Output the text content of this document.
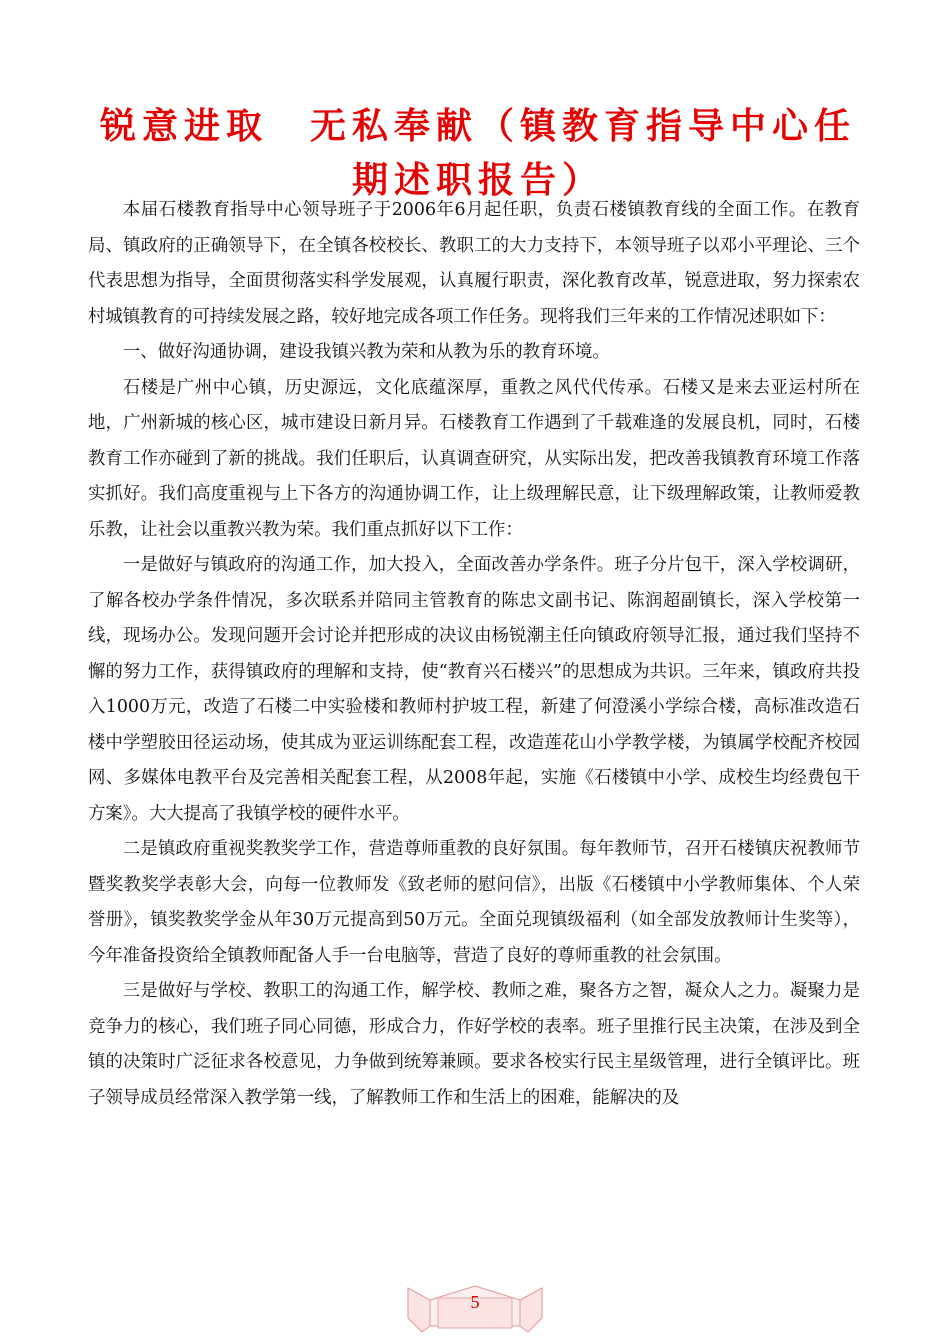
锐意进取　无私奉献（镇教育指导中心任期述职报告）

本届石楼教育指导中心领导班子于2006年6月起任职，负责石楼镇教育线的全面工作。在教育局、镇政府的正确领导下，在全镇各校校长、教职工的大力支持下，本领导班子以邓小平理论、三个代表思想为指导，全面贯彻落实科学发展观，认真履行职责，深化教育改革，锐意进取，努力探索农村城镇教育的可持续发展之路，较好地完成各项工作任务。现将我们三年来的工作情况述职如下：

一、做好沟通协调，建设我镇兴教为荣和从教为乐的教育环境。

石楼是广州中心镇，历史源远，文化底蕴深厚，重教之风代代传承。石楼又是来去亚运村所在地，广州新城的核心区，城市建设日新月异。石楼教育工作遇到了千载难逢的发展良机，同时，石楼教育工作亦碰到了新的挑战。我们任职后，认真调查研究，从实际出发，把改善我镇教育环境工作落实抓好。我们高度重视与上下各方的沟通协调工作，让上级理解民意，让下级理解政策，让教师爱教乐教，让社会以重教兴教为荣。我们重点抓好以下工作：

一是做好与镇政府的沟通工作，加大投入，全面改善办学条件。班子分片包干，深入学校调研，了解各校办学条件情况，多次联系并陪同主管教育的陈忠文副书记、陈润超副镇长，深入学校第一线，现场办公。发现问题开会讨论并把形成的决议由杨锐潮主任向镇政府领导汇报，通过我们坚持不懈的努力工作，获得镇政府的理解和支持，使“教育兴石楼兴”的思想成为共识。三年来，镇政府共投入1000万元，改造了石楼二中实验楼和教师村护坡工程，新建了何澄溪小学综合楼，高标准改造石楼中学塑胶田径运动场，使其成为亚运训练配套工程，改造莲花山小学教学楼，为镇属学校配齐校园网、多媒体电教平台及完善相关配套工程，从2008年起，实施《石楼镇中小学、成校生均经费包干方案》。大大提高了我镇学校的硬件水平。

二是镇政府重视奖教奖学工作，营造尊师重教的良好氛围。每年教师节，召开石楼镇庆祝教师节暨奖教奖学表彰大会，向每一位教师发《致老师的慰问信》，出版《石楼镇中小学教师集体、个人荣誉册》，镇奖教奖学金从年30万元提高到50万元。全面兑现镇级福利（如全部发放教师计生奖等），今年准备投资给全镇教师配备人手一台电脑等，营造了良好的尊师重教的社会氛围。

三是做好与学校、教职工的沟通工作，解学校、教师之难，聚各方之智，凝众人之力。凝聚力是竞争力的核心，我们班子同心同德，形成合力，作好学校的表率。班子里推行民主决策，在涉及到全镇的决策时广泛征求各校意见，力争做到统筹兼顾。要求各校实行民主星级管理，进行全镇评比。班子领导成员经常深入教学第一线，了解教师工作和生活上的困难，能解决的及

5
